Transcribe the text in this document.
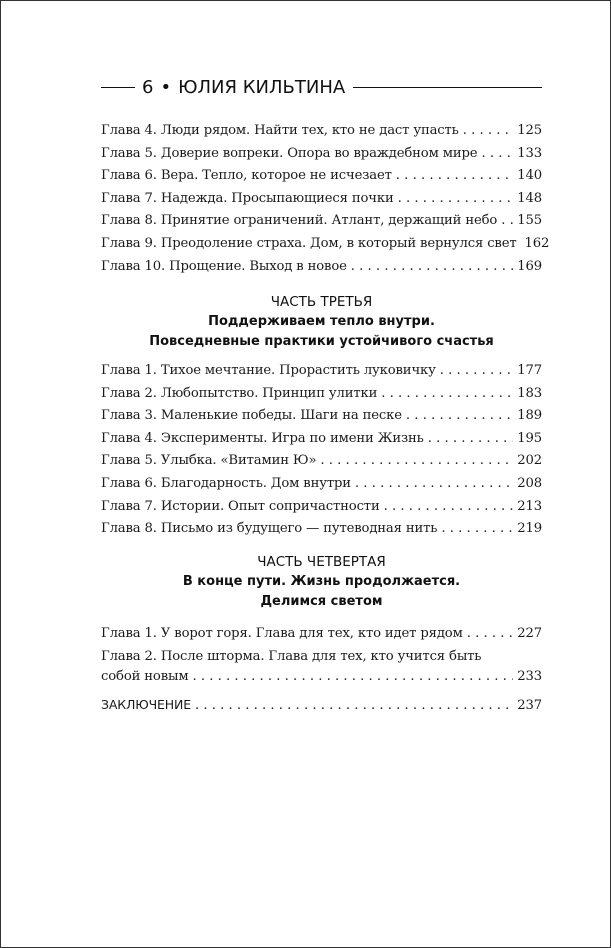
6 • ЮЛИЯ КИЛЬТИНА
Глава 4. Люди рядом. Найти тех, кто не даст упасть . . .	125
Глава 5. Доверие вопреки. Опора во враждебном мире . . .	133
Глава 6. Вера. Тепло, которое не исчезает . . .	140
Глава 7. Надежда. Просыпающиеся почки . . .	148
Глава 8. Принятие ограничений. Атлант, держащий небо . . . 155
Глава 9. Преодоление страха. Дом, в который вернулся свет 162
Глава 10. Прощение. Выход в новое . . .	169
ЧАСТЬ ТРЕТЬЯ
Поддерживаем тепло внутри.
Повседневные практики устойчивого счастья
Глава 1. Тихое мечтание. Прорастить луковичку . . .	177
Глава 2. Любопытство. Принцип улитки . . .	183
Глава 3. Маленькие победы. Шаги на песке . . .	189
Глава 4. Эксперименты. Игра по имени Жизнь . . .	195
Глава 5. Улыбка. «Витамин Ю» . . .	202
Глава 6. Благодарность. Дом внутри . . .	208
Глава 7. Истории. Опыт сопричастности . . .	213
Глава 8. Письмо из будущего — путеводная нить . . .	219
ЧАСТЬ ЧЕТВЕРТАЯ
В конце пути. Жизнь продолжается.
Делимся светом
Глава 1. У ворот горя. Глава для тех, кто идет рядом . . .	227
Глава 2. После шторма. Глава для тех, кто учится быть
собой новым . . .	233
ЗАКЛЮЧЕНИЕ . . .	237
